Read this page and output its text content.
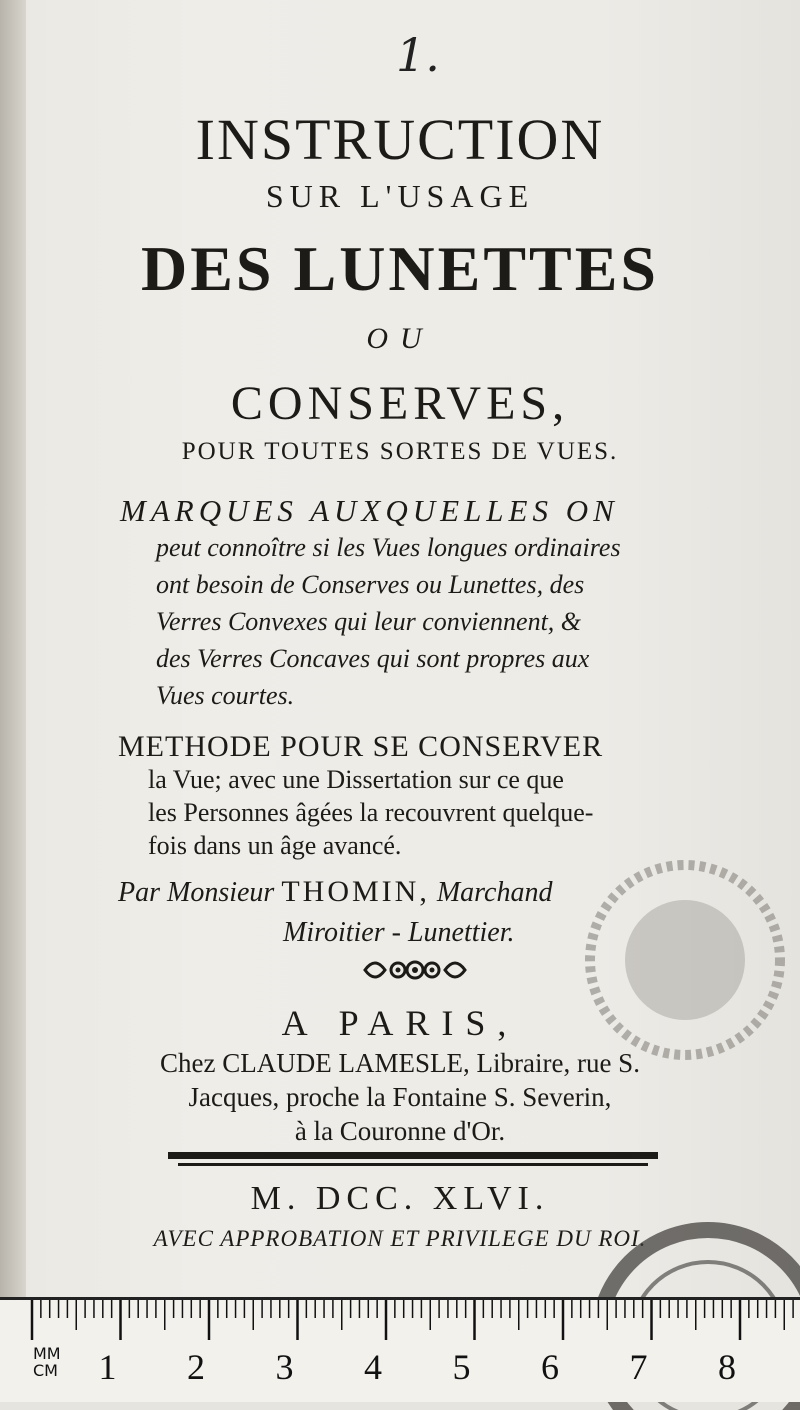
1.
INSTRUCTION
SUR L'USAGE
DES LUNETTES
OU
CONSERVES,
POUR TOUTES SORTES DE VUES.
MARQUES AUXQUELLES ON
peut connoître si les Vues longues ordinaires
ont besoin de Conserves ou Lunettes, des
Verres Convexes qui leur conviennent, &
des Verres Concaves qui sont propres aux
Vues courtes.
METHODE POUR SE CONSERVER
la Vue; avec une Dissertation sur ce que
les Personnes âgées la recouvrent quelque-
fois dans un âge avancé.
Par Monsieur THOMIN, Marchand
Miroitier - Lunettier.
A PARIS,
Chez CLAUDE LAMESLE, Libraire, rue S.
Jacques, proche la Fontaine S. Severin,
à la Couronne d'Or.
M. DCC. XLVI.
AVEC APPROBATION ET PRIVILEGE DU ROI.
MM
CM 1 2 3 4 5 6 7 8
